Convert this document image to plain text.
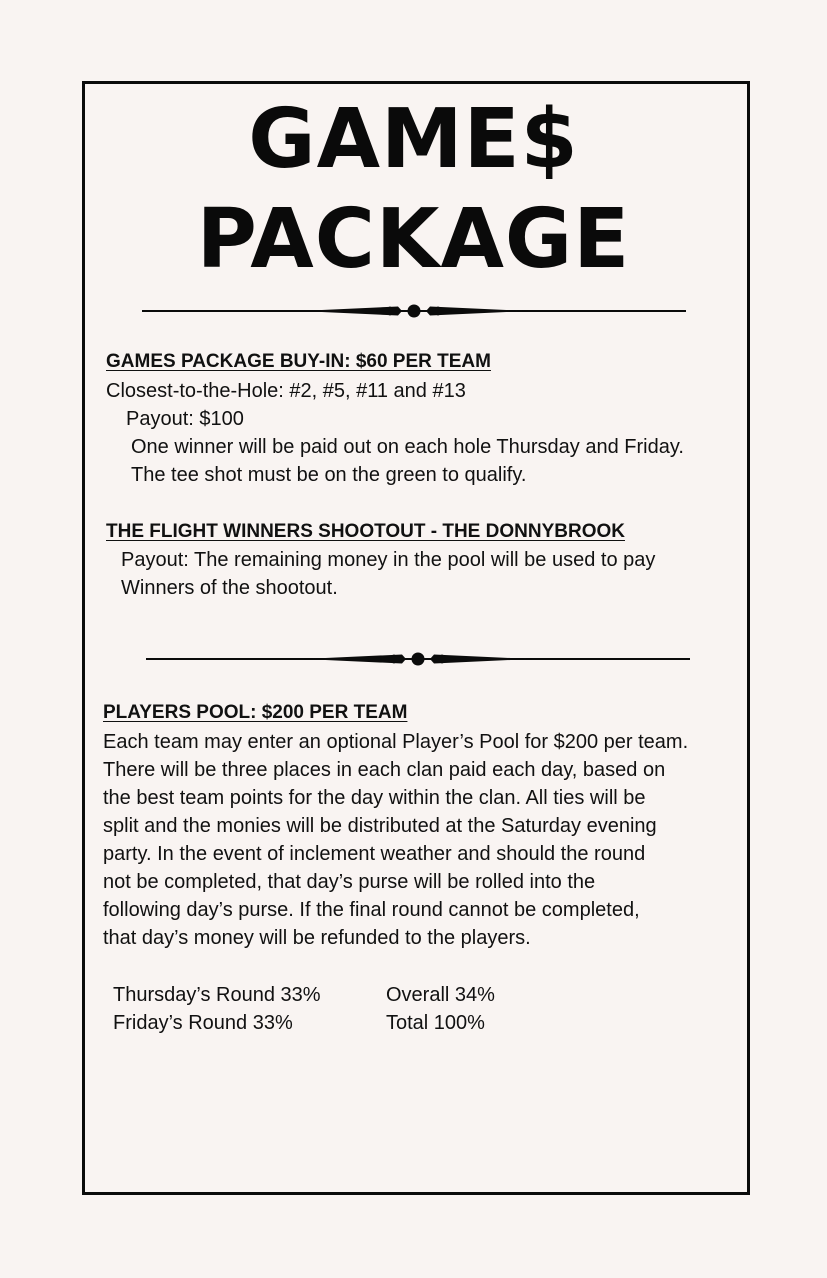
GAME$
PACKAGE
GAMES PACKAGE BUY-IN: $60 PER TEAM
Closest-to-the-Hole: #2, #5, #11 and #13
Payout: $100
One winner will be paid out on each hole Thursday and Friday.
The tee shot must be on the green to qualify.
THE FLIGHT WINNERS SHOOTOUT - THE DONNYBROOK
Payout: The remaining money in the pool will be used to pay
Winners of the shootout.
PLAYERS POOL: $200 PER TEAM
Each team may enter an optional Player’s Pool for $200 per team.
There will be three places in each clan paid each day, based on
the best team points for the day within the clan. All ties will be
split and the monies will be distributed at the Saturday evening
party. In the event of inclement weather and should the round
not be completed, that day’s purse will be rolled into the
following day’s purse. If the final round cannot be completed,
that day’s money will be refunded to the players.
Thursday’s Round 33%
Friday’s Round 33%
Overall 34%
Total 100%
